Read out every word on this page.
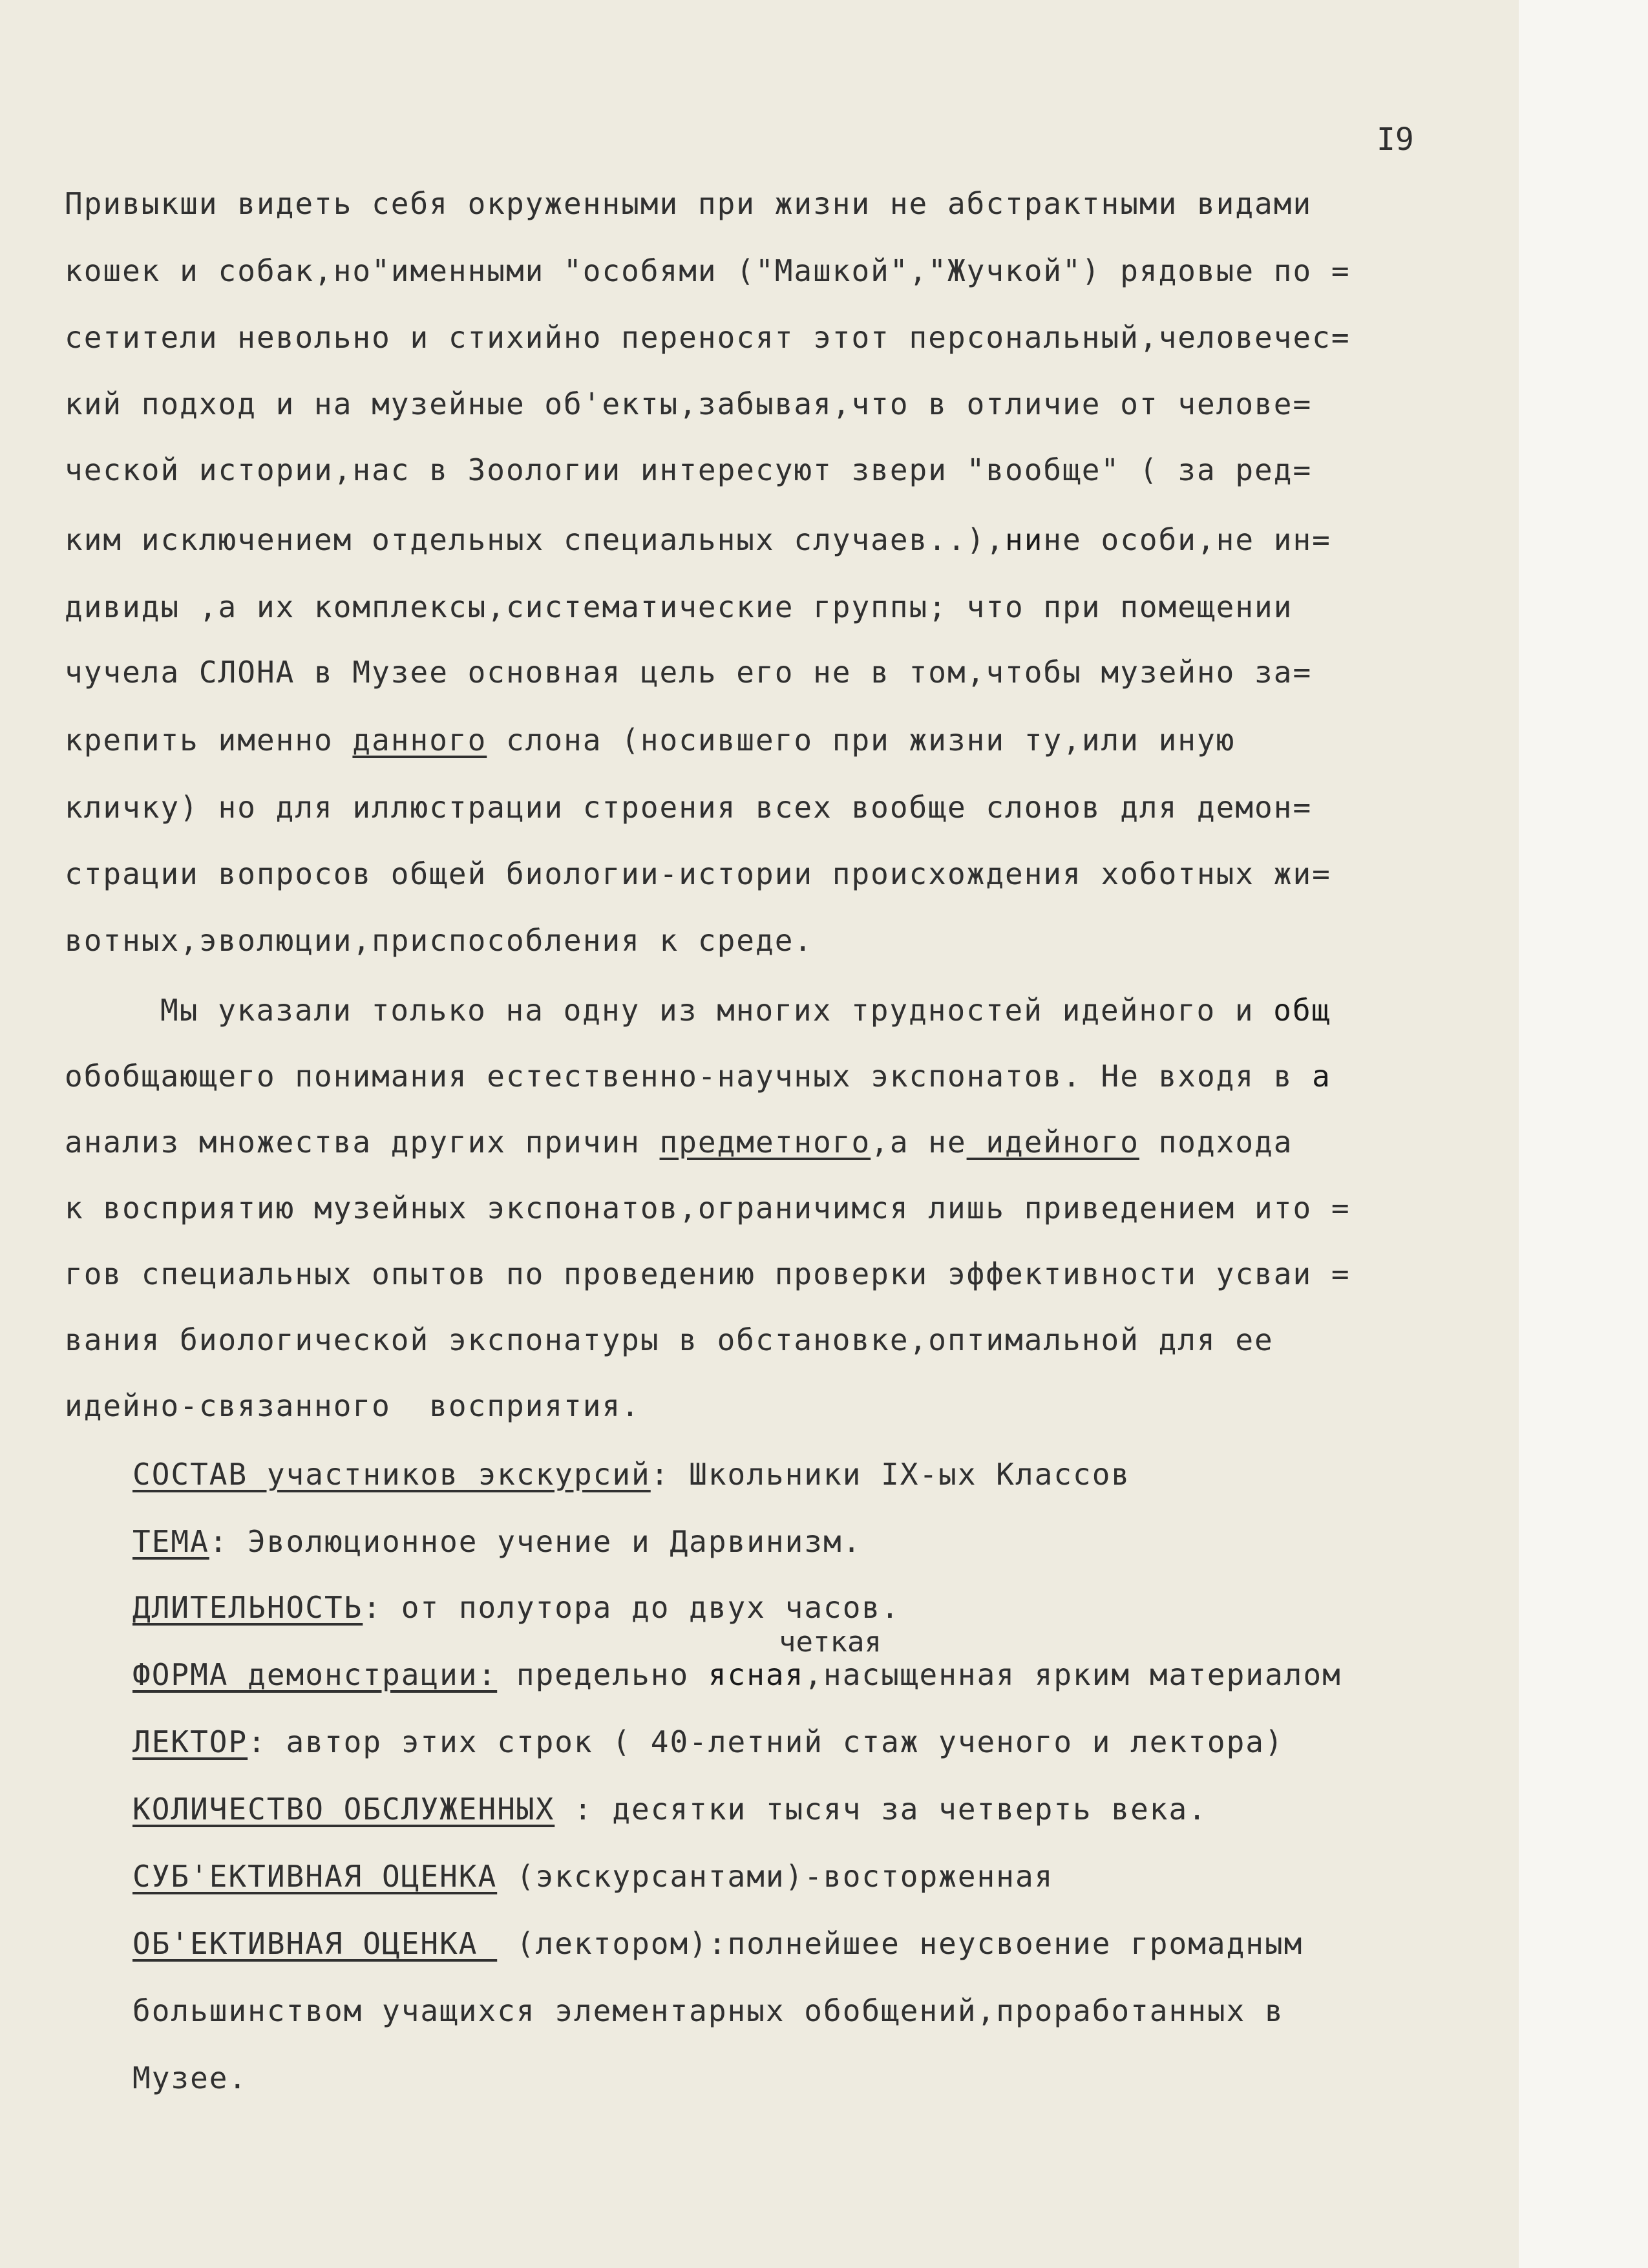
I9
Привыкши видеть себя окруженными при жизни не абстрактными видами
кошек и собак,но"именными "особями ("Машкой","Жучкой") рядовые по =
сетители невольно и стихийно переносят этот персональный,человечес=
кий подход и на музейные об'екты,забывая,что в отличие от челове=
ческой истории,нас в Зоологии интересуют звери "вообще" ( за ред=
ким исключением отдельных специальных случаев..),нине особи,не ин=
дивиды ,а их комплексы,систематические группы; что при помещении
чучела СЛОНА в Музее основная цель его не в том,чтобы музейно за=
крепить именно данного слона (носившего при жизни ту,или иную
кличку) но для иллюстрации строения всех вообще слонов для демон=
страции вопросов общей биологии-истории происхождения хоботных жи=
вотных,эволюции,приспособления к среде.
Мы указали только на одну из многих трудностей идейного и общ
обобщающего понимания естественно-научных экспонатов. Не входя в а
анализ множества других причин предметного,а не_идейного подхода
к восприятию музейных экспонатов,ограничимся лишь приведением ито =
гов специальных опытов по проведению проверки эффективности усваи =
вания биологической экспонатуры в обстановке,оптимальной для ее
идейно-связанного  восприятия.
СОСТАВ участников экскурсий: Школьники IX-ых Классов
ТЕМА: Эволюционное учение и Дарвинизм.
ДЛИТЕЛЬНОСТЬ: от полутора до двух часов.
четкая
ФОРМА демонстрации: предельно ясная,насыщенная ярким материалом
ЛЕКТОР: автор этих строк ( 40-летний стаж ученого и лектора)
КОЛИЧЕСТВО ОБСЛУЖЕННЫХ : десятки тысяч за четверть века.
СУБ'ЕКТИВНАЯ ОЦЕНКА (экскурсантами)-восторженная
ОБ'ЕКТИВНАЯ ОЦЕНКА  (лектором):полнейшее неусвоение громадным
большинством учащихся элементарных обобщений,проработанных в
Музее.
